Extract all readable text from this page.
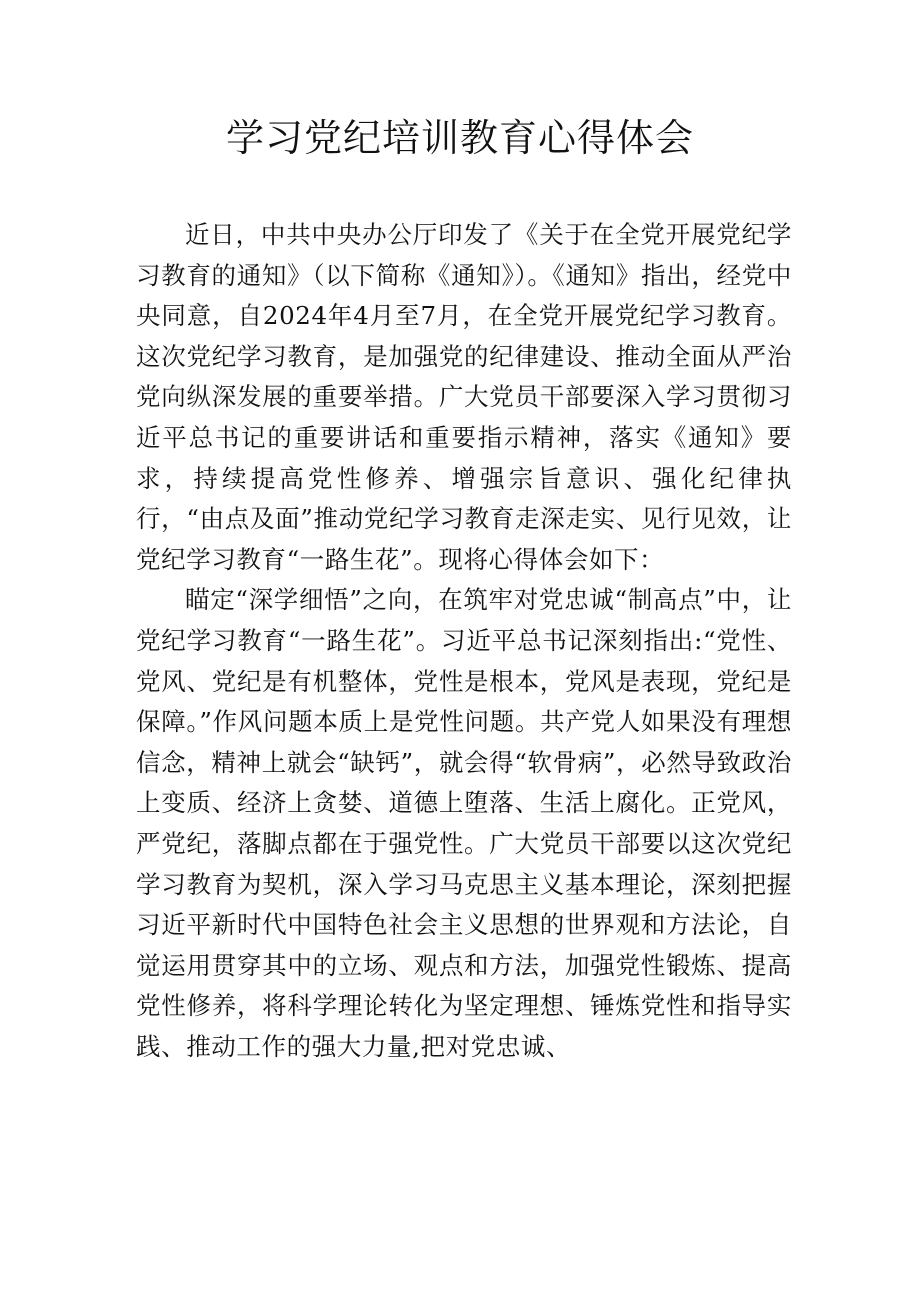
学习党纪培训教育心得体会

近日，中共中央办公厅印发了《关于在全党开展党纪学习教育的通知》（以下简称《通知》）。《通知》指出，经党中央同意，自2024年4月至7月，在全党开展党纪学习教育。这次党纪学习教育，是加强党的纪律建设、推动全面从严治党向纵深发展的重要举措。广大党员干部要深入学习贯彻习近平总书记的重要讲话和重要指示精神，落实《通知》要求，持续提高党性修养、增强宗旨意识、强化纪律执行，“由点及面”推动党纪学习教育走深走实、见行见效，让党纪学习教育“一路生花”。现将心得体会如下：

瞄定“深学细悟”之向，在筑牢对党忠诚“制高点”中，让党纪学习教育“一路生花”。习近平总书记深刻指出:“党性、党风、党纪是有机整体，党性是根本，党风是表现，党纪是保障。”作风问题本质上是党性问题。共产党人如果没有理想信念，精神上就会“缺钙”，就会得“软骨病”，必然导致政治上变质、经济上贪婪、道德上堕落、生活上腐化。正党风，严党纪，落脚点都在于强党性。广大党员干部要以这次党纪学习教育为契机，深入学习马克思主义基本理论，深刻把握习近平新时代中国特色社会主义思想的世界观和方法论，自觉运用贯穿其中的立场、观点和方法，加强党性锻炼、提高党性修养，将科学理论转化为坚定理想、锤炼党性和指导实践、推动工作的强大力量,把对党忠诚、
